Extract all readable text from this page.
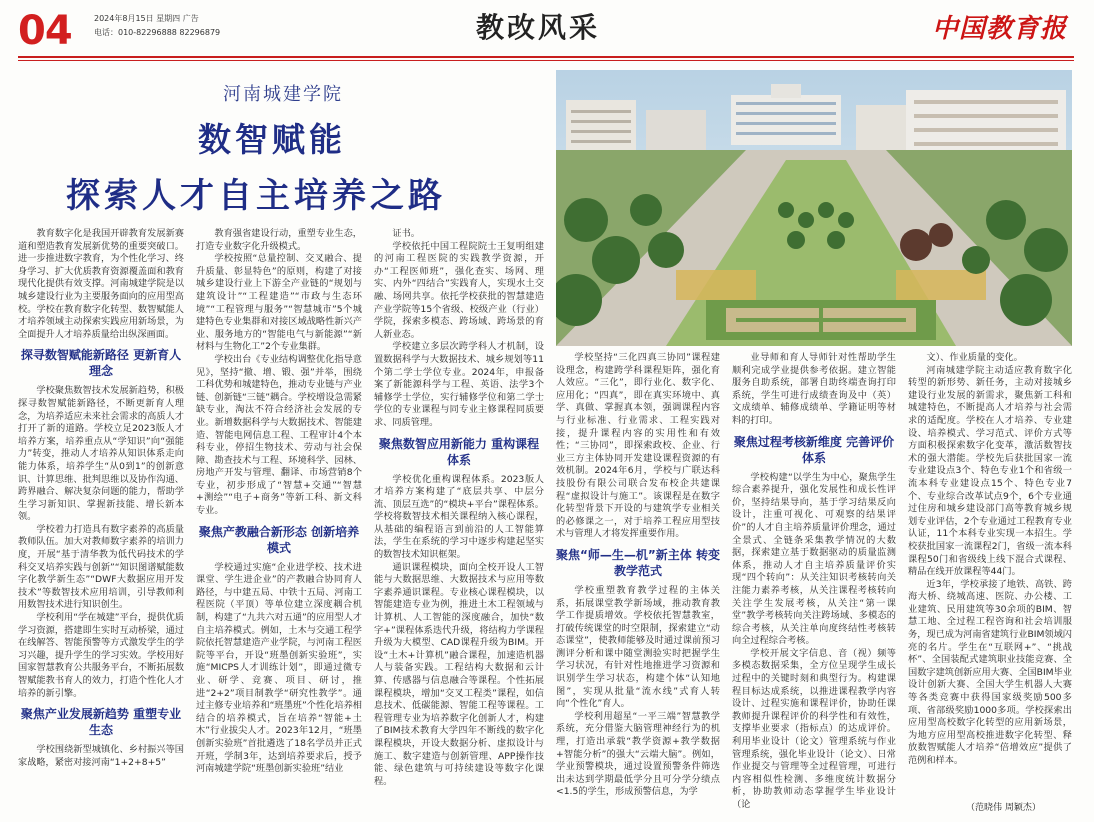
04	2024年8月15日 星期四 广告
电话：010-82296888 82296879	教改风采	中国教育报
河南城建学院
数智赋能
探索人才自主培养之路

教育数字化是我国开辟教育发展新赛道和塑造教育发展新优势的重要突破口。进一步推进数字教育，为个性化学习、终身学习、扩大优质教育资源覆盖面和教育现代化提供有效支撑。河南城建学院是以城乡建设行业为主要服务面向的应用型高校。学校在教育数字化转型、数智赋能人才培养领域主动探索实践应用新场景，为全面提升人才培养质量给出纵深画面。

探寻数智赋能新路径 更新育人理念

学校聚焦数智技术发展新趋势，积极探寻数智赋能新路径，不断更新育人理念，为培养适应未来社会需求的高质人才打开了新的道路。学校立足2023版人才培养方案，培养重点从“学知识”向“强能力”转变，推动人才培养从知识体系走向能力体系，培养学生“从0到1”的创新意识、计算思维、批判思维以及协作沟通、跨界融合、解决复杂问题的能力，帮助学生学习新知识、掌握新技能、增长新本领。

学校着力打造具有数字素养的高质量教师队伍。加大对教师数字素养的培训力度，开展“基于清华教为低代码技术的学科交叉培养实践与创新”“知识图谱赋能数字化教学新生态”“DWF大数据应用开发技术”等数智技术应用培训，引导教师利用数智技术进行知识创生。

学校利用“学在城建”平台，提供优质学习资源，搭建即生实时互动桥梁，通过在线解答、智能预警等方式激发学生的学习兴趣，提升学生的学习实效。学校用好国家智慧教育公共服务平台，不断拓展数智赋能教书育人的效力，打造个性化人才培养的新引擎。

聚焦产业发展新趋势 重塑专业生态

学校围绕新型城镇化、乡村振兴等国家战略，紧密对接河南“1+2+8+5”

教育强省建设行动，重塑专业生态，打造专业数字化升级模式。

学校按照“总量控制、交叉融合、提升质量、彰显特色”的原则，构建了对接城乡建设行业上下游全产业链的“规划与建筑设计”“工程建造”“市政与生态环境”“工程管理与服务”“智慧城市”5个城建特色专业集群和对接区域战略性新兴产业、服务地方的“智能电气与新能源”“新材料与生物化工”2个专业集群。

学校出台《专业结构调整优化指导意见》，坚持“撤、增、锻、强”并举，围绕工科优势和城建特色，推动专业链与产业链、创新链“三链”耦合。学校增设急需紧缺专业，淘汰不符合经济社会发展的专业。新增数据科学与大数据技术、智能建造、智能电网信息工程、工程审计4个本科专业，停招生物技术、劳动与社会保障、勘查技术与工程、环境科学、园林、房地产开发与管理、翻译、市场营销8个专业，初步形成了“智慧+交通”“智慧+测绘”“电子+商务”等新工科、新文科专业。

聚焦产教融合新形态 创新培养模式

学校通过实施“企业进学校、技术进课堂、学生进企业”的产教融合协同育人路径，与中建五局、中铁十五局、河南工程医院（平顶）等单位建立深度耦合机制，构建了“九共六对五通”的应用型人才自主培养模式。例如，土木与交通工程学院依托智慧建造产业学院，与河南工程医院等平台，开设“班墨创新实验班”，实施“MICPS人才训练计划”，即通过微专业、研学、竞赛、项目、研讨，推进“2+2”项目制教学“研究性教学”。通过主修专业培养和“班墨班”个性化培养相结合的培养模式，旨在培养“智能+土木”行业拔尖人才。2023年12月，“班墨创新实验班”首批遴选了18名学员并正式开班，学制3年，达到培养要求后，授予河南城建学院“班墨创新实验班”结业

证书。

学校依托中国工程院院士王复明组建的河南工程医院的实践教学资源，开办“工程医师班”，强化查实、场网、理实、内外“四结合”实践育人，实现水土交融、场网共享。依托学校获批的智慧建造产业学院等15个省级、校级产业（行业）学院，探索多模态、跨场域、跨场景的育人新业态。

学校建立多层次跨学科人才机制，设置数据科学与大数据技术、城乡规划等11个第二学士学位专业。2024年，申报备案了新能源科学与工程、英语、法学3个辅修学士学位，实行辅修学位和第二学士学位的专业课程与同专业主修课程同质要求、同质管理。

聚焦数智应用新能力 重构课程体系

学校优化重构课程体系。2023版人才培养方案构建了“底层共享、中层分流、顶层互选”的“模块+平台”课程体系。学校将数智技术相关课程纳入核心课程，从基础的编程语言到前沿的人工智能算法，学生在系统的学习中逐步构建起坚实的数智技术知识框架。

通识课程模块，面向全校开设人工智能与大数据思维、大数据技术与应用等数字素养通识课程。专业核心课程模块，以智能建造专业为例，推进土木工程领域与计算机、人工智能的深度融合，加快“数字+”课程体系迭代升级，将结构力学课程升级为大模型、CAD课程升级为BIM。开设“土木+计算机”融合课程，加速造机器人与装备实践。工程结构大数据和云计算、传感器与信息融合等课程。个性拓展课程模块，增加“交叉工程类”课程，如信息技术、低碳能源、智能工程等课程。工程管理专业为培养数字化创新人才，构建了BIM技术教育大学四年不断线的数字化课程模块，开设大数据分析、虚拟设计与施工、数字建造与创新管理、APP操作技能、绿色建筑与可持续建设等数字化课程。

学校坚持“三化四真三协同”课程建设理念，构建跨学科课程矩阵，强化育人效应。“三化”，即行业化、数字化、应用化；“四真”，即在真实环境中、真学、真做、掌握真本领，强调课程内容与行业标准、行业需求、工程实践对接，提升课程内容的实用性和有效性；“三协同”，即探索政校、企业、行业三方主体协同开发建设课程资源的有效机制。2024年6月，学校与广联达科技股份有限公司联合发布校企共建课程“虚拟设计与施工”。该课程是在数字化转型背景下开设的与建筑学专业相关的必修课之一，对于培养工程应用型技术与管理人才将发挥重要作用。

聚焦“师—生—机”新主体 转变教学范式

学校重塑教育教学过程的主体关系，拓展课堂教学新场域，推动教育教学工作提质增效。学校依托智慧教室，打破传统课堂的时空限制，探索建立“动态课堂”，使教师能够及时通过课前预习测评分析和课中随堂测验实时把握学生学习状况，有针对性地推进学习资源和识别学生学习状态，构建个体“认知地图”，实现从批量“流水线”式育人转向“个性化”育人。

学校利用超星“一平三端”智慧教学系统，充分借鉴大脑管理神经行为的机理，打造出承载“教学资源+教学数据+智能分析”的强大“云端大脑”。例如，学业预警模块，通过设置预警条件筛选出未达到学期最低学分且可分学分绩点<1.5的学生，形成预警信息，为学

业导师和育人导师针对性帮助学生顺利完成学业提供参考依据。建立智能服务自助系统，部署自助终端查询打印系统，学生可进行成绩查询及中（英）文成绩单、辅修成绩单、学籍证明等材料的打印。

聚焦过程考核新维度 完善评价体系

学校构建“以学生为中心，聚焦学生综合素养提升，强化发展性和成长性评价，坚持结果导向，基于学习结果反向设计，注重可视化、可观察的结果评价”的人才自主培养质量评价理念，通过全景式、全链条采集教学情况的大数据，探索建立基于数据驱动的质量监测体系，推动人才自主培养质量评价实现“四个转向”：从关注知识考核转向关注能力素养考核，从关注课程考核转向关注学生发展考核，从关注“第一课堂”教学考核转向关注跨场域、多模态的综合考核，从关注单向度终结性考核转向全过程综合考核。

学校开展文字信息、音（视）频等多模态数据采集，全方位呈现学生成长过程中的关键时刻和典型行为。构建课程目标达成系统，以推进课程教学内容设计、过程实施和课程评价，协助任课教师提升课程评价的科学性和有效性，支撑毕业要求（指标点）的达成评价。利用毕业设计（论文）管理系统与作业管理系统，强化毕业设计（论文）、日常作业提交与管理等全过程管理，可进行内容相似性检测、多维度统计数据分析，协助教师动态掌握学生毕业设计（论

文）、作业质量的变化。

河南城建学院主动适应教育数字化转型的新形势、新任务，主动对接城乡建设行业发展的新需求，聚焦新工科和城建特色，不断提高人才培养与社会需求的适配度。学校在人才培养、专业建设、培养模式、学习范式、评价方式等方面积极探索数字化变革，激活数智技术的强大潜能。学校先后获批国家一流专业建设点3个、特色专业1个和省级一流本科专业建设点15个、特色专业7个、专业综合改革试点9个，6个专业通过住房和城乡建设部门高等教育城乡规划专业评估，2个专业通过工程教育专业认证，11个本科专业实现一本招生。学校获批国家一流课程2门，省级一流本科课程50门和省级线上线下混合式课程、精品在线开放课程等44门。

近3年，学校承接了地铁、高铁、跨海大桥、绕城高速、医院、办公楼、工业建筑、民用建筑等30余项的BIM、智慧工地、全过程工程咨询和社会培训服务，现已成为河南省建筑行业BIM领域闪亮的名片。学生在“互联网+”、“挑战杯”、全国装配式建筑职业技能竞赛、全国数字建筑创新应用大赛、全国BIM毕业设计创新大赛、全国大学生机器人大赛等各类竞赛中获得国家级奖励500多项、省部级奖励1000多项。学校探索出应用型高校数字化转型的应用新场景，为地方应用型高校推进数字化转型、释放数智赋能人才培养“倍增效应”提供了范例和样本。

（范晓伟 周颖杰）
